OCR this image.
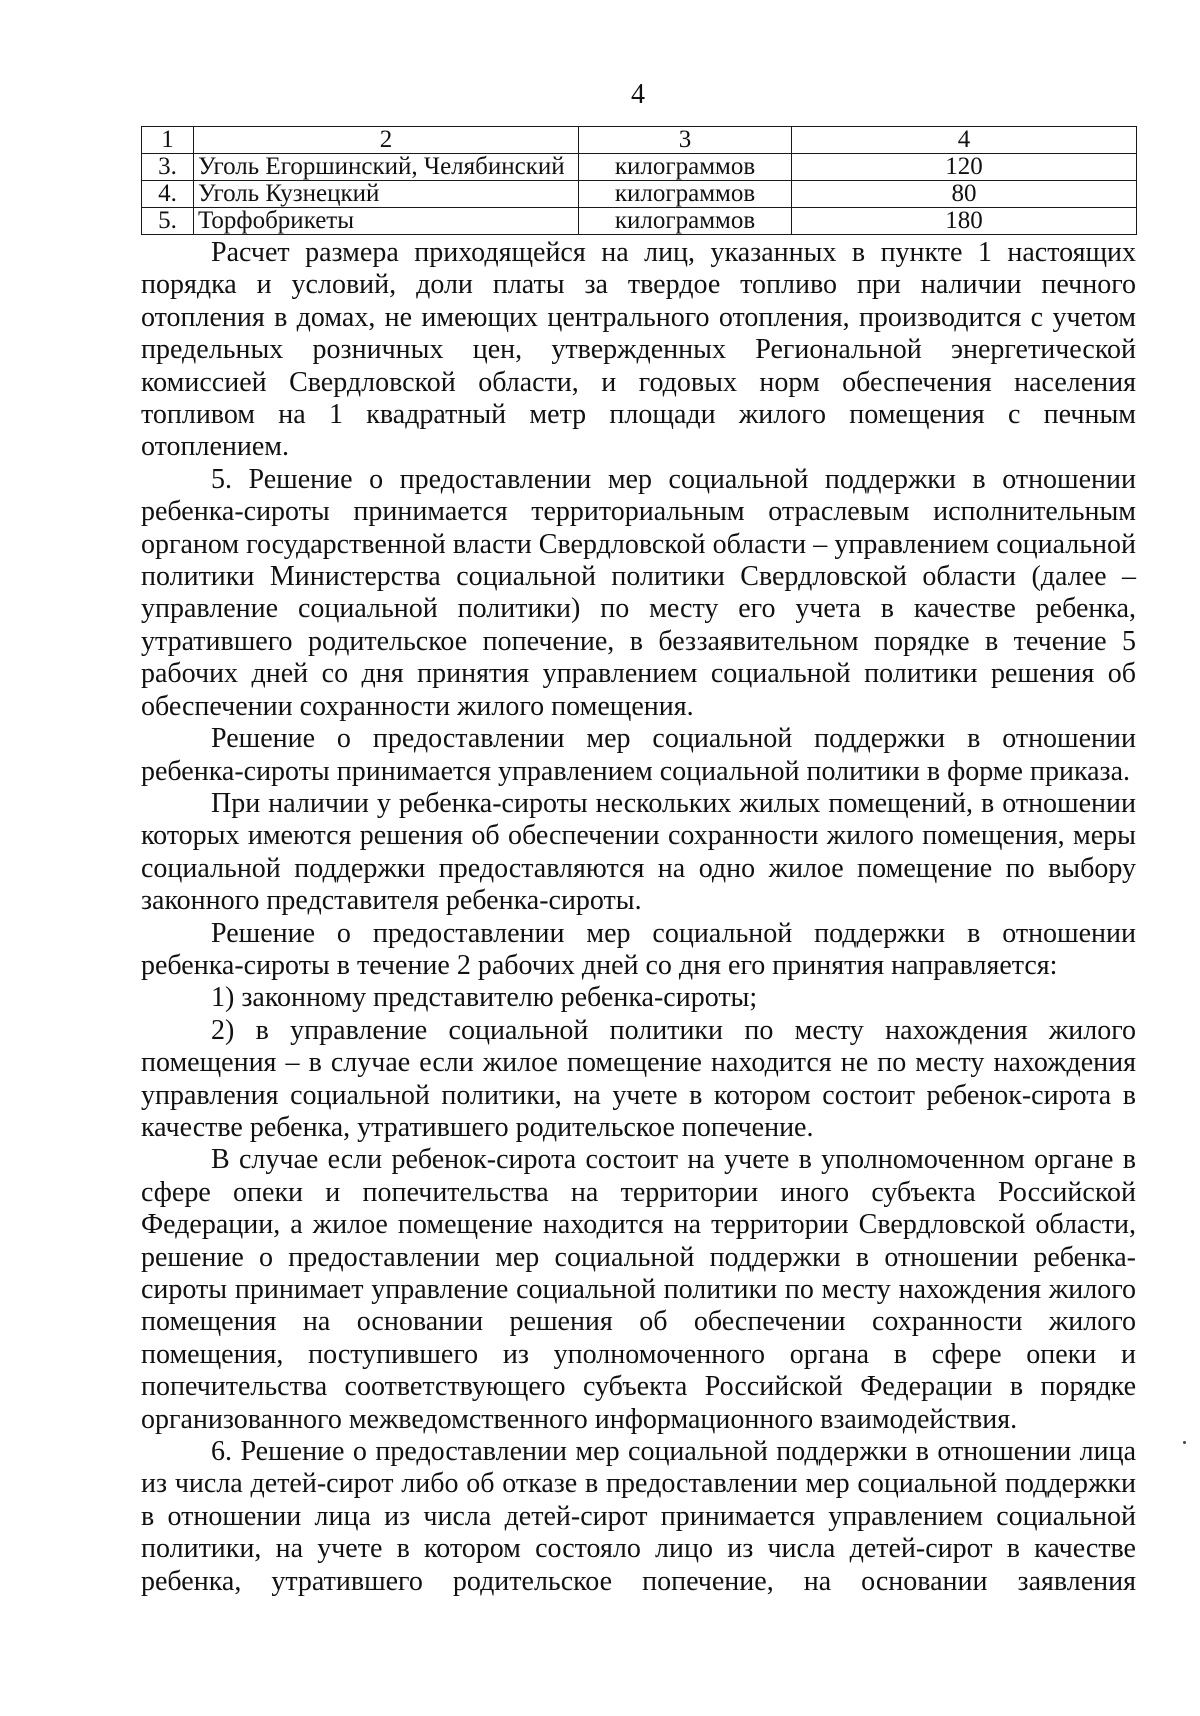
4
1	2	3	4
3.	Уголь Егоршинский, Челябинский	килограммов	120
4.	Уголь Кузнецкий	килограммов	80
5.	Торфобрикеты	килограммов	180

Расчет размера приходящейся на лиц, указанных в пункте 1 настоящих порядка и условий, доли платы за твердое топливо при наличии печного отопления в домах, не имеющих центрального отопления, производится с учетом предельных розничных цен, утвержденных Региональной энергетической комиссией Свердловской области, и годовых норм обеспечения населения топливом на 1 квадратный метр площади жилого помещения с печным отоплением.

5. Решение о предоставлении мер социальной поддержки в отношении ребенка-сироты принимается территориальным отраслевым исполнительным органом государственной власти Свердловской области – управлением социальной политики Министерства социальной политики Свердловской области (далее – управление социальной политики) по месту его учета в качестве ребенка, утратившего родительское попечение, в беззаявительном порядке в течение 5 рабочих дней со дня принятия управлением социальной политики решения об обеспечении сохранности жилого помещения.

Решение о предоставлении мер социальной поддержки в отношении ребенка-сироты принимается управлением социальной политики в форме приказа.

При наличии у ребенка-сироты нескольких жилых помещений, в отношении которых имеются решения об обеспечении сохранности жилого помещения, меры социальной поддержки предоставляются на одно жилое помещение по выбору законного представителя ребенка-сироты.

Решение о предоставлении мер социальной поддержки в отношении ребенка-сироты в течение 2 рабочих дней со дня его принятия направляется:

1) законному представителю ребенка-сироты;

2) в управление социальной политики по месту нахождения жилого помещения – в случае если жилое помещение находится не по месту нахождения управления социальной политики, на учете в котором состоит ребенок-сирота в качестве ребенка, утратившего родительское попечение.

В случае если ребенок-сирота состоит на учете в уполномоченном органе в сфере опеки и попечительства на территории иного субъекта Российской Федерации, а жилое помещение находится на территории Свердловской области, решение о предоставлении мер социальной поддержки в отношении ребенка-сироты принимает управление социальной политики по месту нахождения жилого помещения на основании решения об обеспечении сохранности жилого помещения, поступившего из уполномоченного органа в сфере опеки и попечительства соответствующего субъекта Российской Федерации в порядке организованного межведомственного информационного взаимодействия.

6. Решение о предоставлении мер социальной поддержки в отношении лица из числа детей-сирот либо об отказе в предоставлении мер социальной поддержки в отношении лица из числа детей-сирот принимается управлением социальной политики, на учете в котором состояло лицо из числа детей-сирот в качестве ребенка, утратившего родительское попечение, на основании заявления
